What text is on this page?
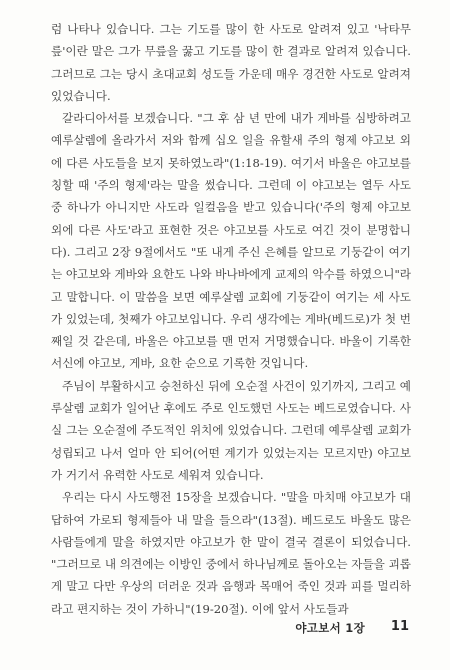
럼 나타나 있습니다. 그는 기도를 많이 한 사도로 알려져 있고 '낙타무릎'이란 말은 그가 무릎을 꿇고 기도를 많이 한 결과로 알려져 있습니다. 그러므로 그는 당시 초대교회 성도들 가운데 매우 경건한 사도로 알려져 있었습니다.

갈라디아서를 보겠습니다. "그 후 삼 년 만에 내가 게바를 심방하려고 예루살렘에 올라가서 저와 함께 십오 일을 유할새 주의 형제 야고보 외에 다른 사도들을 보지 못하였노라"(1:18-19). 여기서 바울은 야고보를 칭할 때 '주의 형제'라는 말을 썼습니다. 그런데 이 야고보는 열두 사도 중 하나가 아니지만 사도라 일컬음을 받고 있습니다('주의 형제 야고보 외에 다른 사도'라고 표현한 것은 야고보를 사도로 여긴 것이 분명합니다). 그리고 2장 9절에서도 "또 내게 주신 은혜를 알므로 기둥같이 여기는 야고보와 게바와 요한도 나와 바나바에게 교제의 악수를 하였으니"라고 말합니다. 이 말씀을 보면 예루살렘 교회에 기둥같이 여기는 세 사도가 있었는데, 첫째가 야고보입니다. 우리 생각에는 게바(베드로)가 첫 번째일 것 같은데, 바울은 야고보를 맨 먼저 거명했습니다. 바울이 기록한 서신에 야고보, 게바, 요한 순으로 기록한 것입니다.

주님이 부활하시고 승천하신 뒤에 오순절 사건이 있기까지, 그리고 예루살렘 교회가 일어난 후에도 주로 인도했던 사도는 베드로였습니다. 사실 그는 오순절에 주도적인 위치에 있었습니다. 그런데 예루살렘 교회가 성립되고 나서 얼마 안 되어(어떤 계기가 있었는지는 모르지만) 야고보가 거기서 유력한 사도로 세워져 있습니다.

우리는 다시 사도행전 15장을 보겠습니다. "말을 마치매 야고보가 대답하여 가로되 형제들아 내 말을 들으라"(13절). 베드로도 바울도 많은 사람들에게 말을 하였지만 야고보가 한 말이 결국 결론이 되었습니다. "그러므로 내 의견에는 이방인 중에서 하나님께로 돌아오는 자들을 괴롭게 말고 다만 우상의 더러운 것과 음행과 목매어 죽인 것과 피를 멀리하라고 편지하는 것이 가하니"(19-20절). 이에 앞서 사도들과

야고보서 1장 11
